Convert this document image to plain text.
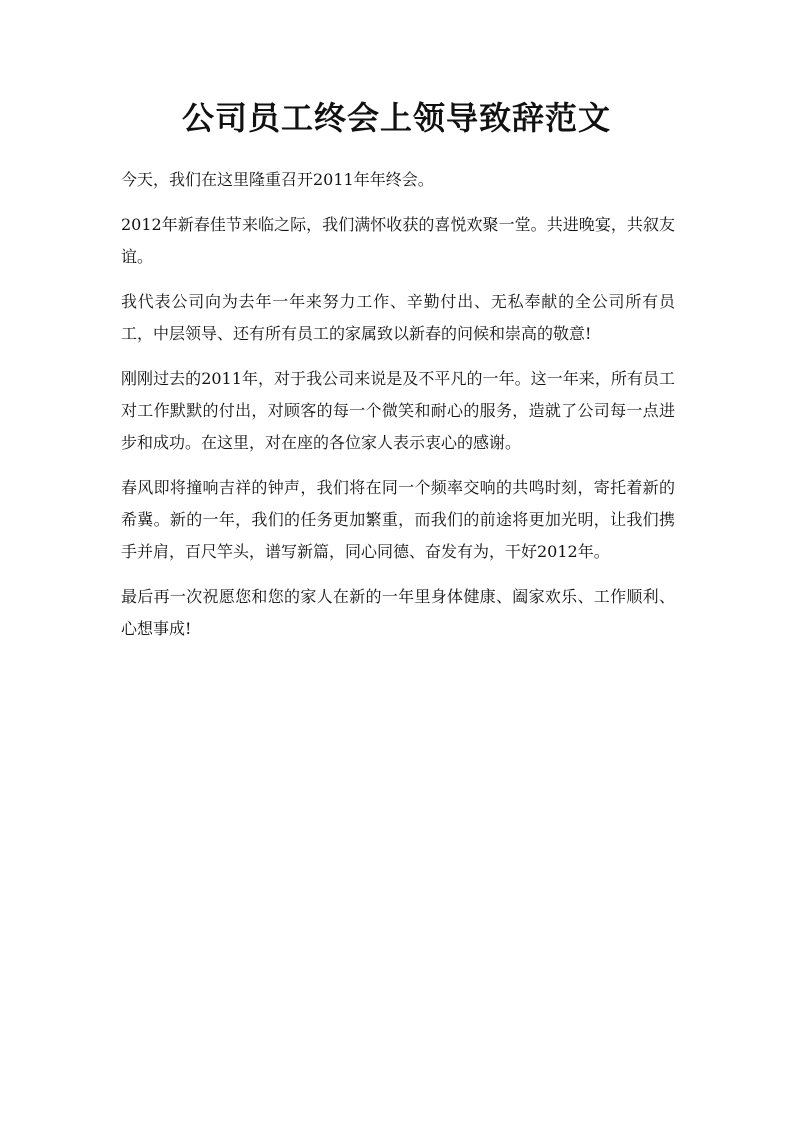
公司员工终会上领导致辞范文

今天，我们在这里隆重召开2011年年终会。

2012年新春佳节来临之际，我们满怀收获的喜悦欢聚一堂。共进晚宴，共叙友谊。

我代表公司向为去年一年来努力工作、辛勤付出、无私奉献的全公司所有员工，中层领导、还有所有员工的家属致以新春的问候和崇高的敬意!

刚刚过去的2011年，对于我公司来说是及不平凡的一年。这一年来，所有员工对工作默默的付出，对顾客的每一个微笑和耐心的服务，造就了公司每一点进步和成功。在这里，对在座的各位家人表示衷心的感谢。

春风即将撞响吉祥的钟声，我们将在同一个频率交响的共鸣时刻，寄托着新的希冀。新的一年，我们的任务更加繁重，而我们的前途将更加光明，让我们携手并肩，百尺竿头，谱写新篇，同心同德、奋发有为，干好2012年。

最后再一次祝愿您和您的家人在新的一年里身体健康、阖家欢乐、工作顺利、心想事成!
